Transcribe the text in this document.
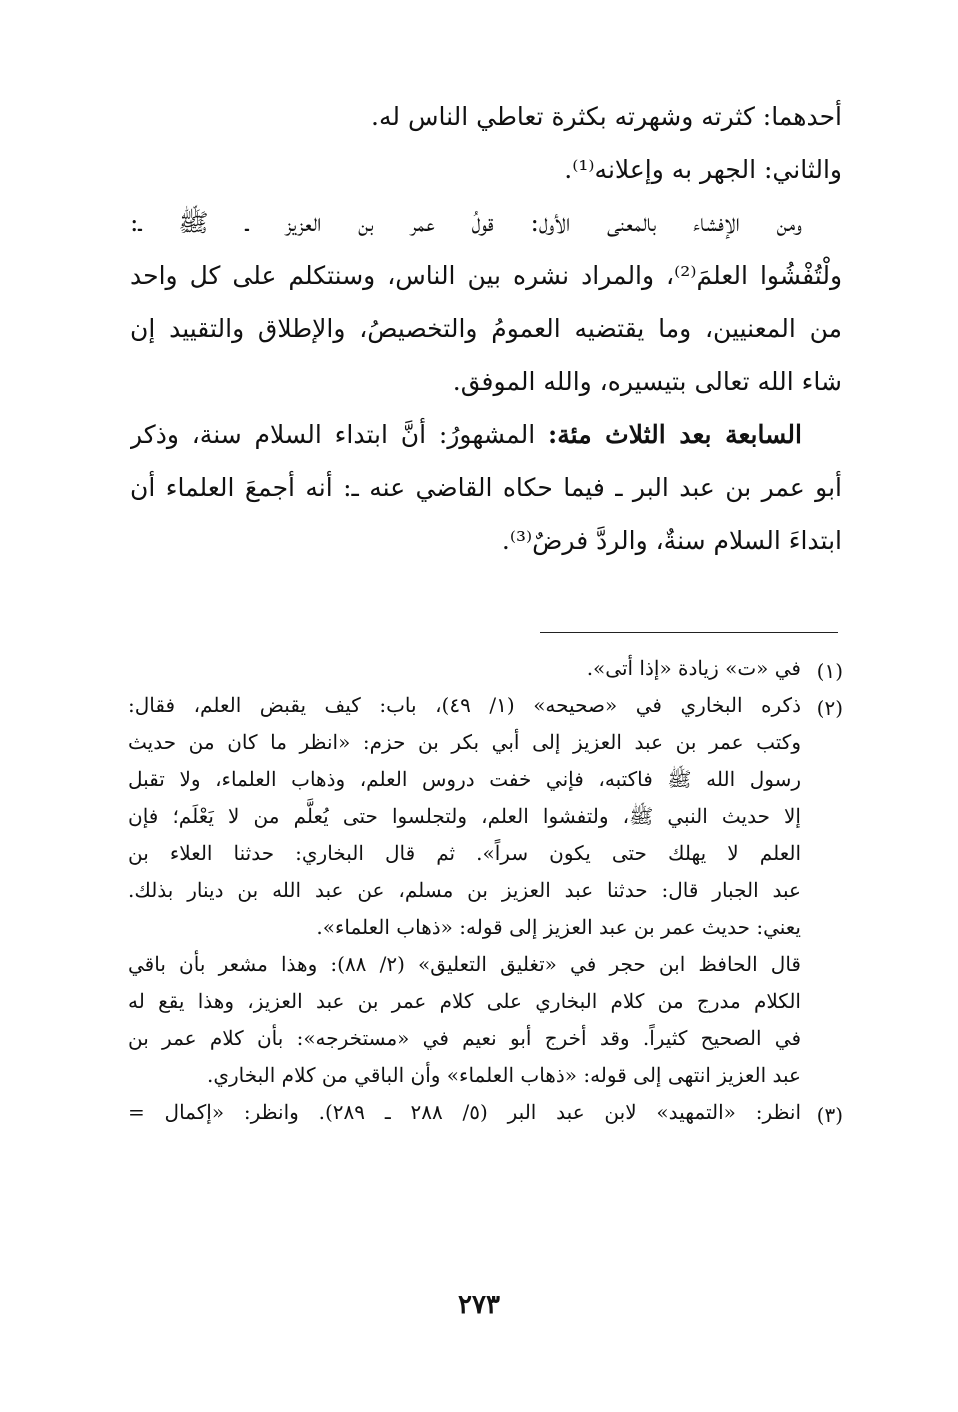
أحدهما: كثرته وشهرته بكثرة تعاطي الناس له.
والثاني: الجهر به وإعلانه⁽¹⁾.
ومن الإفشاء بالمعنى الأول: قولُ عمر بن العزيز ـ ﷺ ـ:
ولْتُفْشُوا العلمَ⁽²⁾، والمراد نشره بين الناس، وسنتكلم على كل واحد
من المعنيين، وما يقتضيه العمومُ والتخصيصُ، والإطلاق والتقييد إن
شاء الله تعالى بتيسيره، والله الموفق.
السابعة بعد الثلاث مئة: المشهورُ: أنَّ ابتداء السلام سنة، وذكر
أبو عمر بن عبد البر ـ فيما حكاه القاضي عنه ـ: أنه أجمعَ العلماء أن
ابتداءَ السلام سنةٌ، والردَّ فرضٌ⁽³⁾.
(١)
في «ت» زيادة «إذا أتى».
(٢)
ذكره البخاري في «صحيحه» (١/ ٤٩)، باب: كيف يقبض العلم، فقال:
وكتب عمر بن عبد العزيز إلى أبي بكر بن حزم: «انظر ما كان من حديث
رسول الله ﷺ فاكتبه، فإني خفت دروس العلم، وذهاب العلماء، ولا تقبل
إلا حديث النبي ﷺ، ولتفشوا العلم، ولتجلسوا حتى يُعلَّم من لا يَعْلَم؛ فإن
العلم لا يهلك حتى يكون سراً». ثم قال البخاري: حدثنا العلاء بن
عبد الجبار قال: حدثنا عبد العزيز بن مسلم، عن عبد الله بن دينار بذلك.
يعني: حديث عمر بن عبد العزيز إلى قوله: «ذهاب العلماء».
قال الحافظ ابن حجر في «تغليق التعليق» (٢/ ٨٨): وهذا مشعر بأن باقي
الكلام مدرج من كلام البخاري على كلام عمر بن عبد العزيز، وهذا يقع له
في الصحيح كثيراً. وقد أخرج أبو نعيم في «مستخرجه»: بأن كلام عمر بن
عبد العزيز انتهى إلى قوله: «ذهاب العلماء» وأن الباقي من كلام البخاري.
(٣)
انظر: «التمهيد» لابن عبد البر (٥/ ٢٨٨ ـ ٢٨٩). وانظر: «إكمال =
٢٧٣
